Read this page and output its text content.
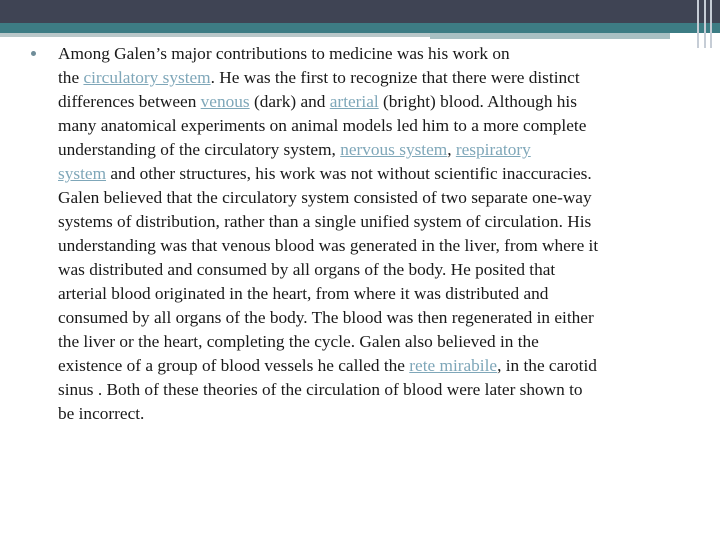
Among Galen’s major contributions to medicine was his work on
the circulatory system. He was the first to recognize that there were distinct
differences between venous (dark) and arterial (bright) blood. Although his
many anatomical experiments on animal models led him to a more complete
understanding of the circulatory system, nervous system, respiratory
system and other structures, his work was not without scientific inaccuracies.
Galen believed that the circulatory system consisted of two separate one-way
systems of distribution, rather than a single unified system of circulation. His
understanding was that venous blood was generated in the liver, from where it
was distributed and consumed by all organs of the body. He posited that
arterial blood originated in the heart, from where it was distributed and
consumed by all organs of the body. The blood was then regenerated in either
the liver or the heart, completing the cycle. Galen also believed in the
existence of a group of blood vessels he called the rete mirabile, in the carotid
sinus . Both of these theories of the circulation of blood were later shown to
be incorrect.
